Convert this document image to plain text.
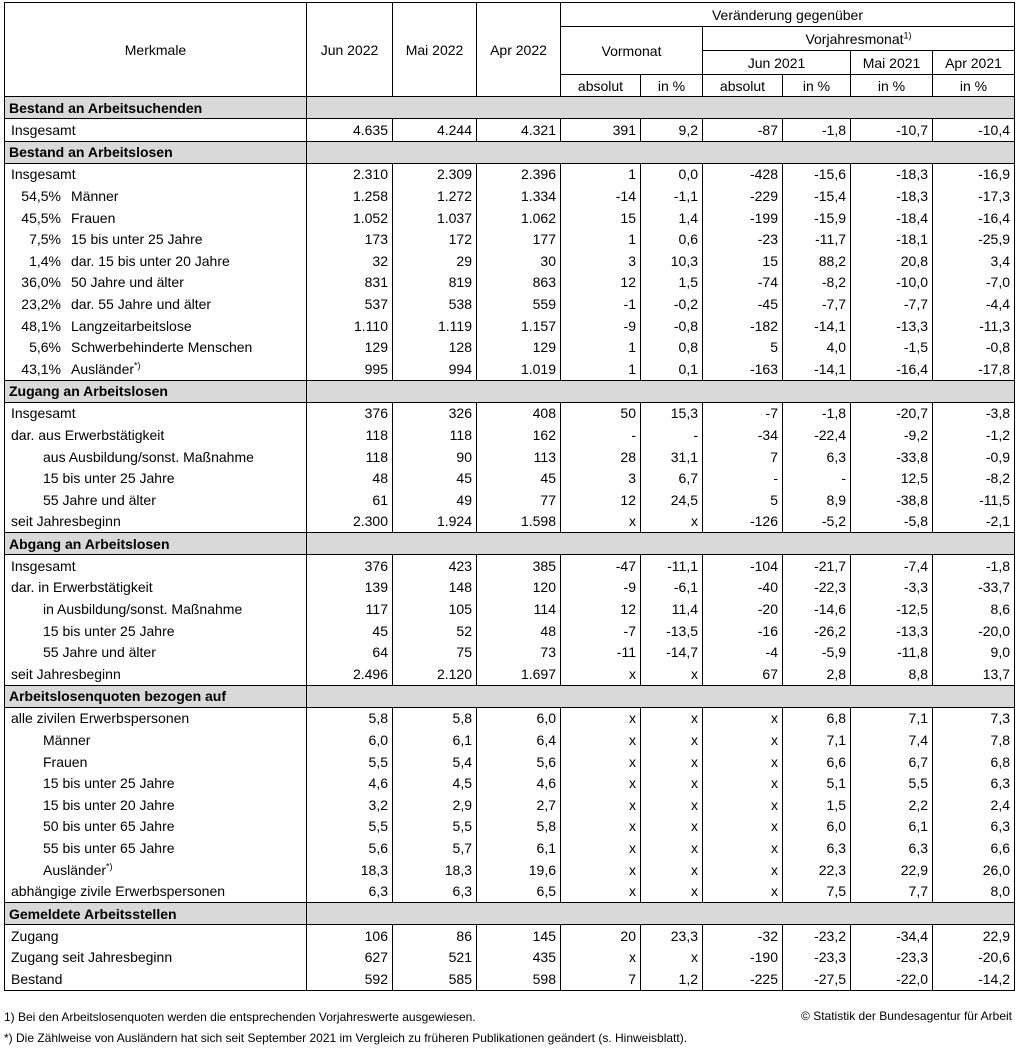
Merkmale	Jun 2022	Mai 2022	Apr 2022	Veränderung gegenüber					
				Vormonat		Vorjahresmonat$^{1)}$
						Jun 2021		Mai 2021	Apr 2021
				absolut	in %	absolut	in %	in %	in %
Bestand an Arbeitsuchenden									
Insgesamt	4.635	4.244	4.321	391	9,2	-87	-1,8	-10,7	-10,4
Bestand an Arbeitslosen									
Insgesamt	2.310	2.309	2.396	1	0,0	-428	-15,6	-18,3	-16,9
54,5% Männer	1.258	1.272	1.334	-14	-1,1	-229	-15,4	-18,3	-17,3
45,5% Frauen	1.052	1.037	1.062	15	1,4	-199	-15,9	-18,4	-16,4
7,5% 15 bis unter 25 Jahre	173	172	177	1	0,6	-23	-11,7	-18,1	-25,9
1,4% dar. 15 bis unter 20 Jahre	32	29	30	3	10,3	15	88,2	20,8	3,4
36,0% 50 Jahre und älter	831	819	863	12	1,5	-74	-8,2	-10,0	-7,0
23,2% dar. 55 Jahre und älter	537	538	559	-1	-0,2	-45	-7,7	-7,7	-4,4
48,1% Langzeitarbeitslose	1.110	1.119	1.157	-9	-0,8	-182	-14,1	-13,3	-11,3
5,6% Schwerbehinderte Menschen	129	128	129	1	0,8	5	4,0	-1,5	-0,8
43,1% Ausländer*)	995	994	1.019	1	0,1	-163	-14,1	-16,4	-17,8
Zugang an Arbeitslosen									
Insgesamt	376	326	408	50	15,3	-7	-1,8	-20,7	-3,8
dar. aus Erwerbstätigkeit	118	118	162	-	-	-34	-22,4	-9,2	-1,2
aus Ausbildung/sonst. Maßnahme	118	90	113	28	31,1	7	6,3	-33,8	-0,9
15 bis unter 25 Jahre	48	45	45	3	6,7	-	-	12,5	-8,2
55 Jahre und älter	61	49	77	12	24,5	5	8,9	-38,8	-11,5
seit Jahresbeginn	2.300	1.924	1.598	x	x	-126	-5,2	-5,8	-2,1
Abgang an Arbeitslosen									
Insgesamt	376	423	385	-47	-11,1	-104	-21,7	-7,4	-1,8
dar. in Erwerbstätigkeit	139	148	120	-9	-6,1	-40	-22,3	-3,3	-33,7
in Ausbildung/sonst. Maßnahme	117	105	114	12	11,4	-20	-14,6	-12,5	8,6
15 bis unter 25 Jahre	45	52	48	-7	-13,5	-16	-26,2	-13,3	-20,0
55 Jahre und älter	64	75	73	-11	-14,7	-4	-5,9	-11,8	9,0
seit Jahresbeginn	2.496	2.120	1.697	x	x	67	2,8	8,8	13,7
Arbeitslosenquoten bezogen auf									
alle zivilen Erwerbspersonen	5,8	5,8	6,0	x	x	x	6,8	7,1	7,3
Männer	6,0	6,1	6,4	x	x	x	7,1	7,4	7,8
Frauen	5,5	5,4	5,6	x	x	x	6,6	6,7	6,8
15 bis unter 25 Jahre	4,6	4,5	4,6	x	x	x	5,1	5,5	6,3
15 bis unter 20 Jahre	3,2	2,9	2,7	x	x	x	1,5	2,2	2,4
50 bis unter 65 Jahre	5,5	5,5	5,8	x	x	x	6,0	6,1	6,3
55 bis unter 65 Jahre	5,6	5,7	6,1	x	x	x	6,3	6,3	6,6
Ausländer*)	18,3	18,3	19,6	x	x	x	22,3	22,9	26,0
abhängige zivile Erwerbspersonen	6,3	6,3	6,5	x	x	x	7,5	7,7	8,0
Gemeldete Arbeitsstellen									
Zugang	106	86	145	20	23,3	-32	-23,2	-34,4	22,9
Zugang seit Jahresbeginn	627	521	435	x	x	-190	-23,3	-23,3	-20,6
Bestand	592	585	598	7	1,2	-225	-27,5	-22,0	-14,2
1) Bei den Arbeitslosenquoten werden die entsprechenden Vorjahreswerte ausgewiesen.
*) Die Zählweise von Ausländern hat sich seit September 2021 im Vergleich zu früheren Publikationen geändert (s. Hinweisblatt).
© Statistik der Bundesagentur für Arbeit
